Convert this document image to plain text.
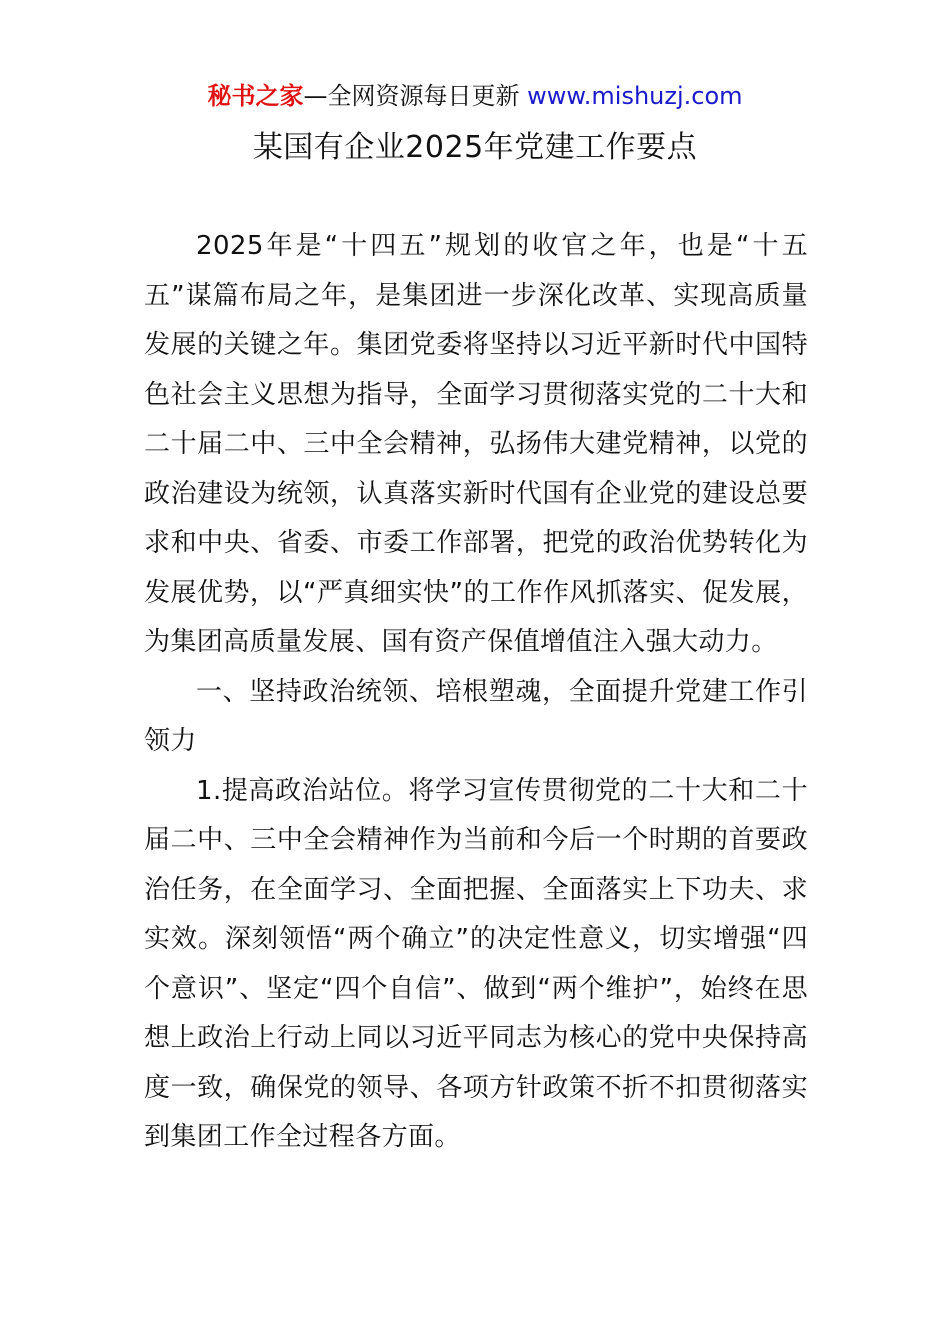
秘书之家—全网资源每日更新 www.mishuzj.com
某国有企业2025年党建工作要点

2025年是“十四五”规划的收官之年，也是“十五五”谋篇布局之年，是集团进一步深化改革、实现高质量发展的关键之年。集团党委将坚持以习近平新时代中国特色社会主义思想为指导，全面学习贯彻落实党的二十大和二十届二中、三中全会精神，弘扬伟大建党精神，以党的政治建设为统领，认真落实新时代国有企业党的建设总要求和中央、省委、市委工作部署，把党的政治优势转化为发展优势，以“严真细实快”的工作作风抓落实、促发展，为集团高质量发展、国有资产保值增值注入强大动力。

一、坚持政治统领、培根塑魂，全面提升党建工作引领力

1.提高政治站位。将学习宣传贯彻党的二十大和二十届二中、三中全会精神作为当前和今后一个时期的首要政治任务，在全面学习、全面把握、全面落实上下功夫、求实效。深刻领悟“两个确立”的决定性意义，切实增强“四个意识”、坚定“四个自信”、做到“两个维护”，始终在思想上政治上行动上同以习近平同志为核心的党中央保持高度一致，确保党的领导、各项方针政策不折不扣贯彻落实到集团工作全过程各方面。
